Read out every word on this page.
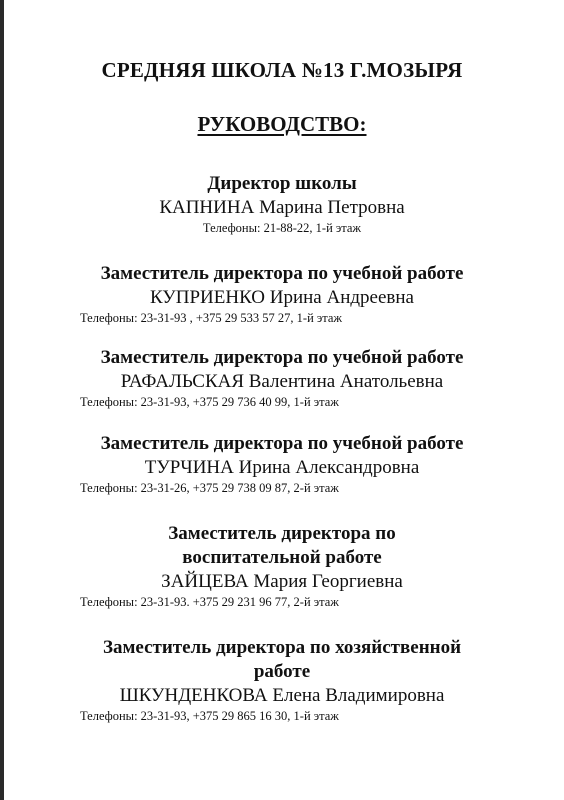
СРЕДНЯЯ ШКОЛА №13 Г.МОЗЫРЯ
РУКОВОДСТВО:
Директор школы
КАПНИНА Марина Петровна
Телефоны: 21-88-22, 1-й этаж
Заместитель директора по учебной работе
КУПРИЕНКО Ирина Андреевна
Телефоны: 23-31-93 , +375 29 533 57 27, 1-й этаж
Заместитель директора по учебной работе
РАФАЛЬСКАЯ Валентина Анатольевна
Телефоны: 23-31-93, +375 29 736 40 99, 1-й этаж
Заместитель директора по учебной работе
ТУРЧИНА Ирина Александровна
Телефоны: 23-31-26, +375 29 738 09 87, 2-й этаж
Заместитель директора по
воспитательной работе
ЗАЙЦЕВА Мария Георгиевна
Телефоны: 23-31-93. +375 29 231 96 77, 2-й этаж
Заместитель директора по хозяйственной
работе
ШКУНДЕНКОВА Елена Владимировна
Телефоны: 23-31-93, +375 29 865 16 30, 1-й этаж
